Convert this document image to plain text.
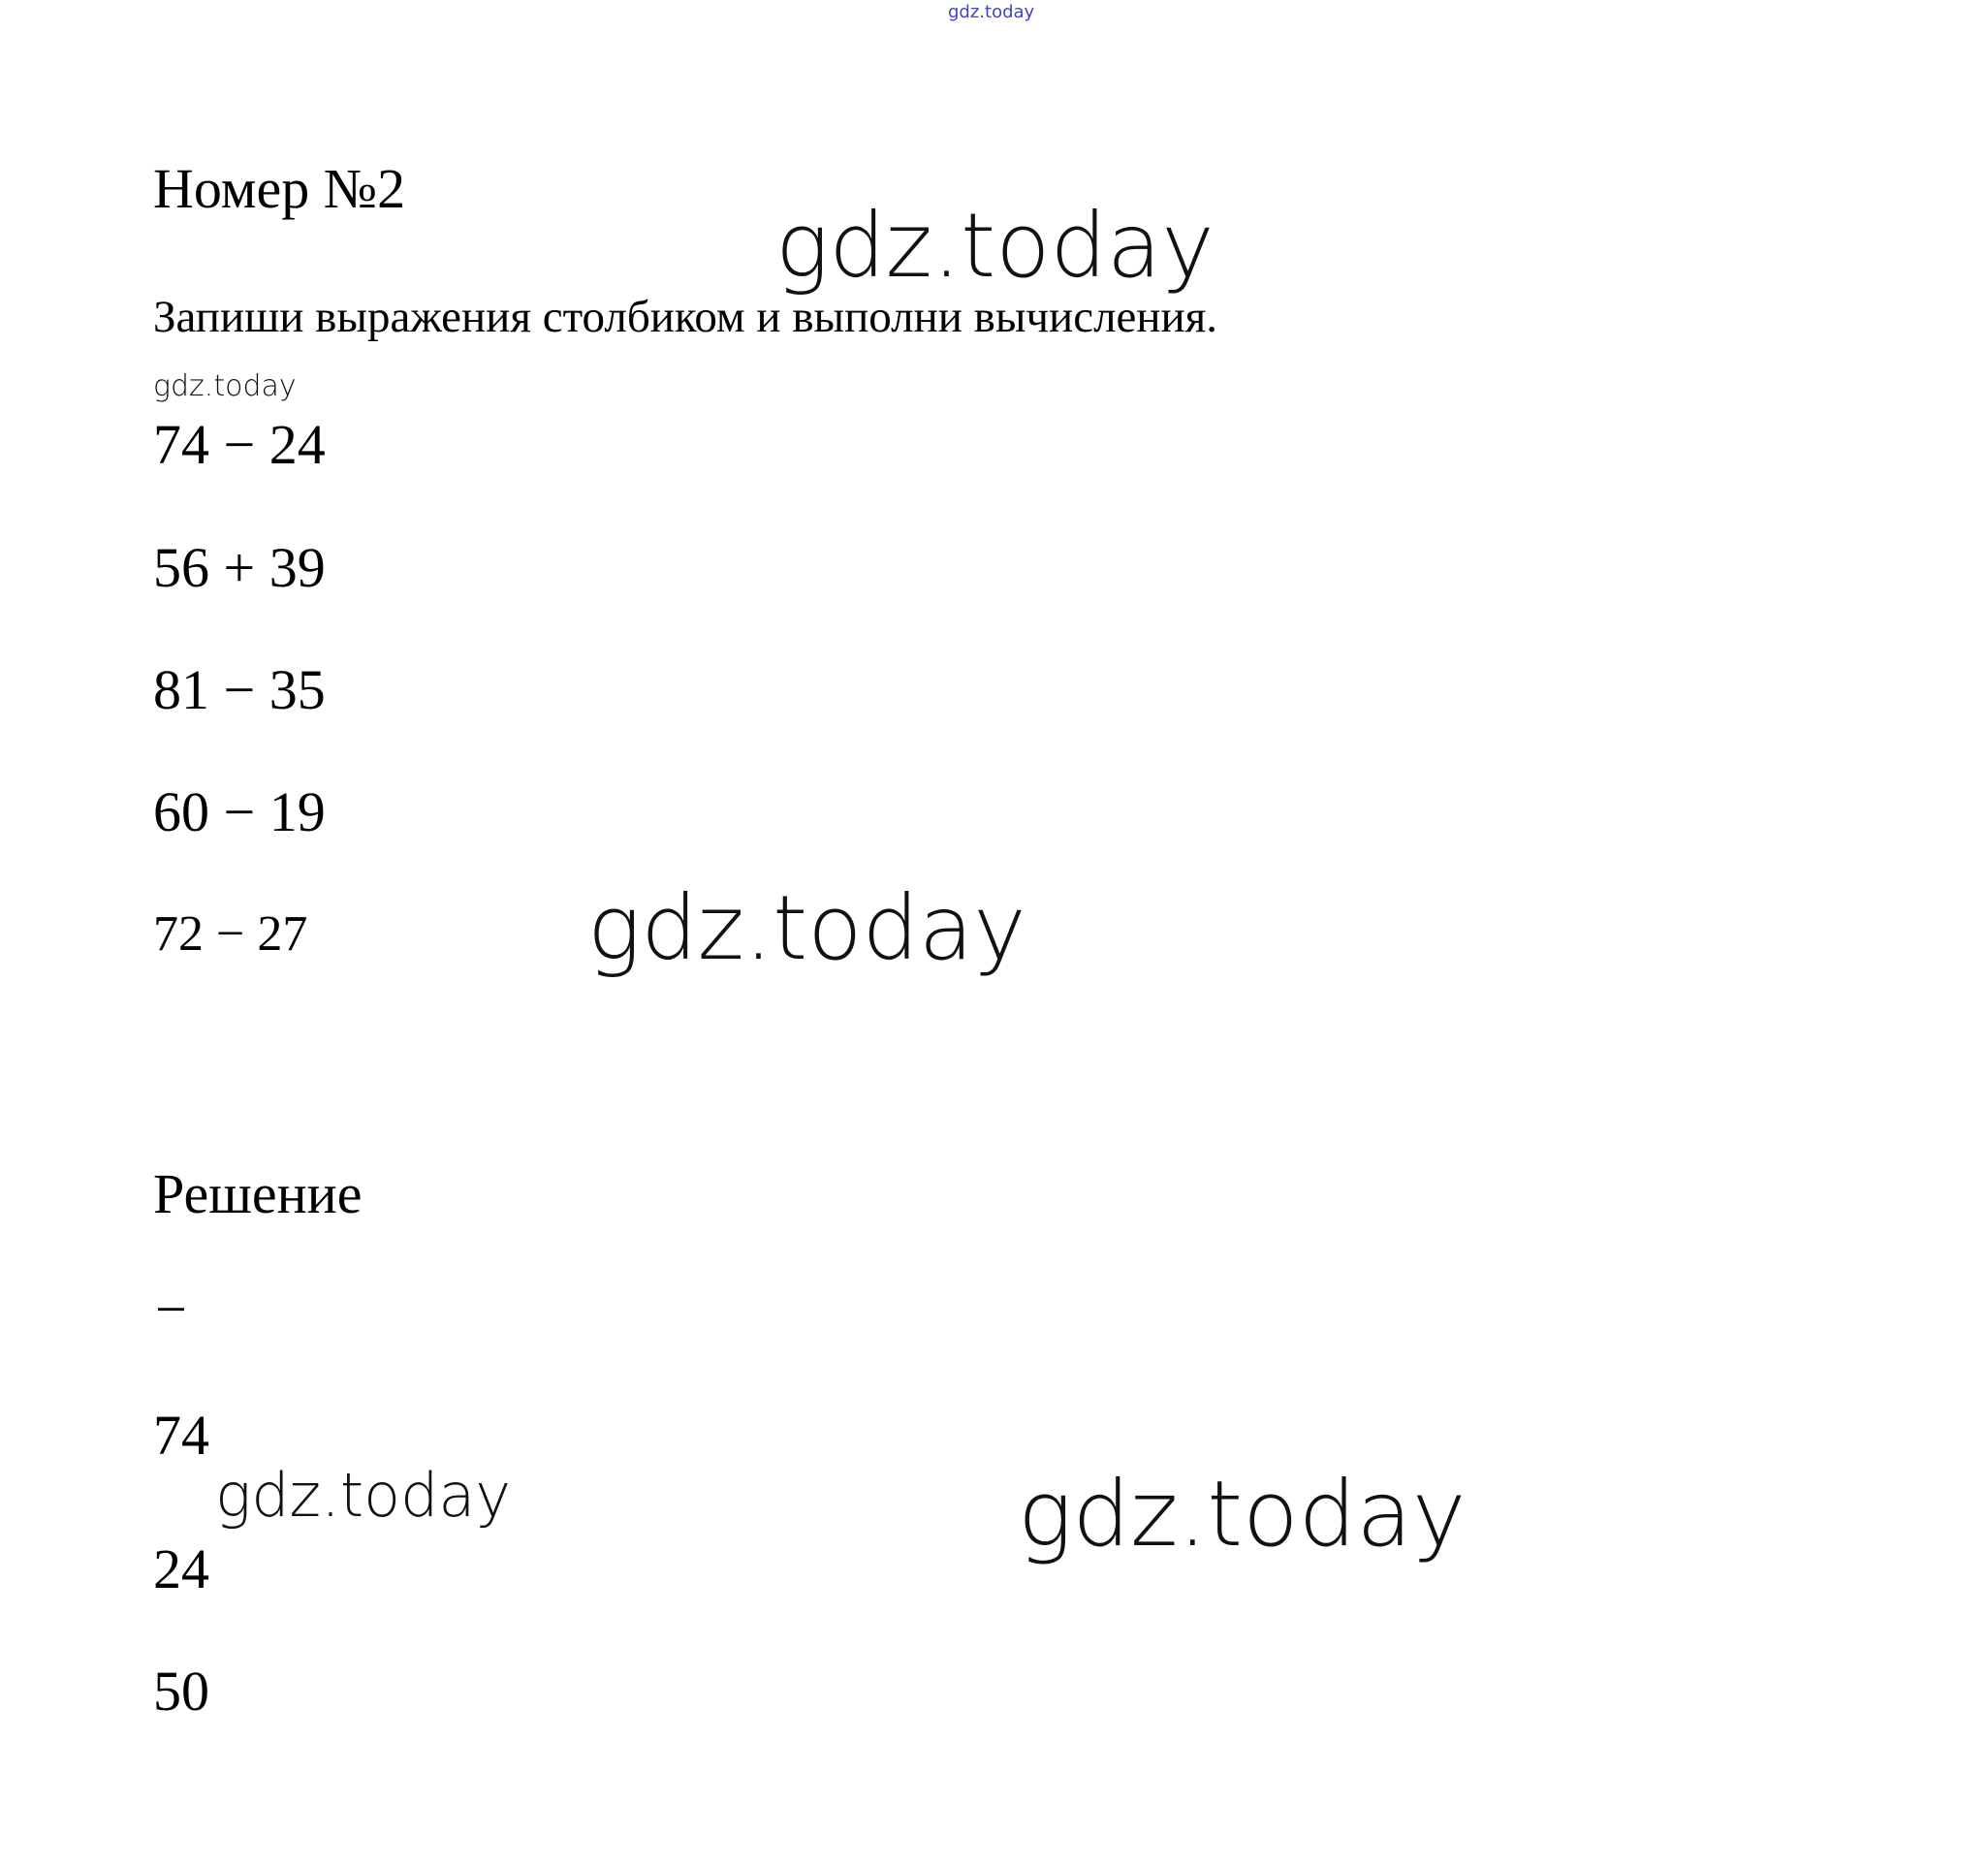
gdz.today
Номер №2
gdz.today
Запиши выражения столбиком и выполни вычисления.
gdz.today
74 − 24
56 + 39
81 − 35
60 − 19
72 − 27	gdz.today
Решение
−
74
gdz.today
24
gdz.today
50
